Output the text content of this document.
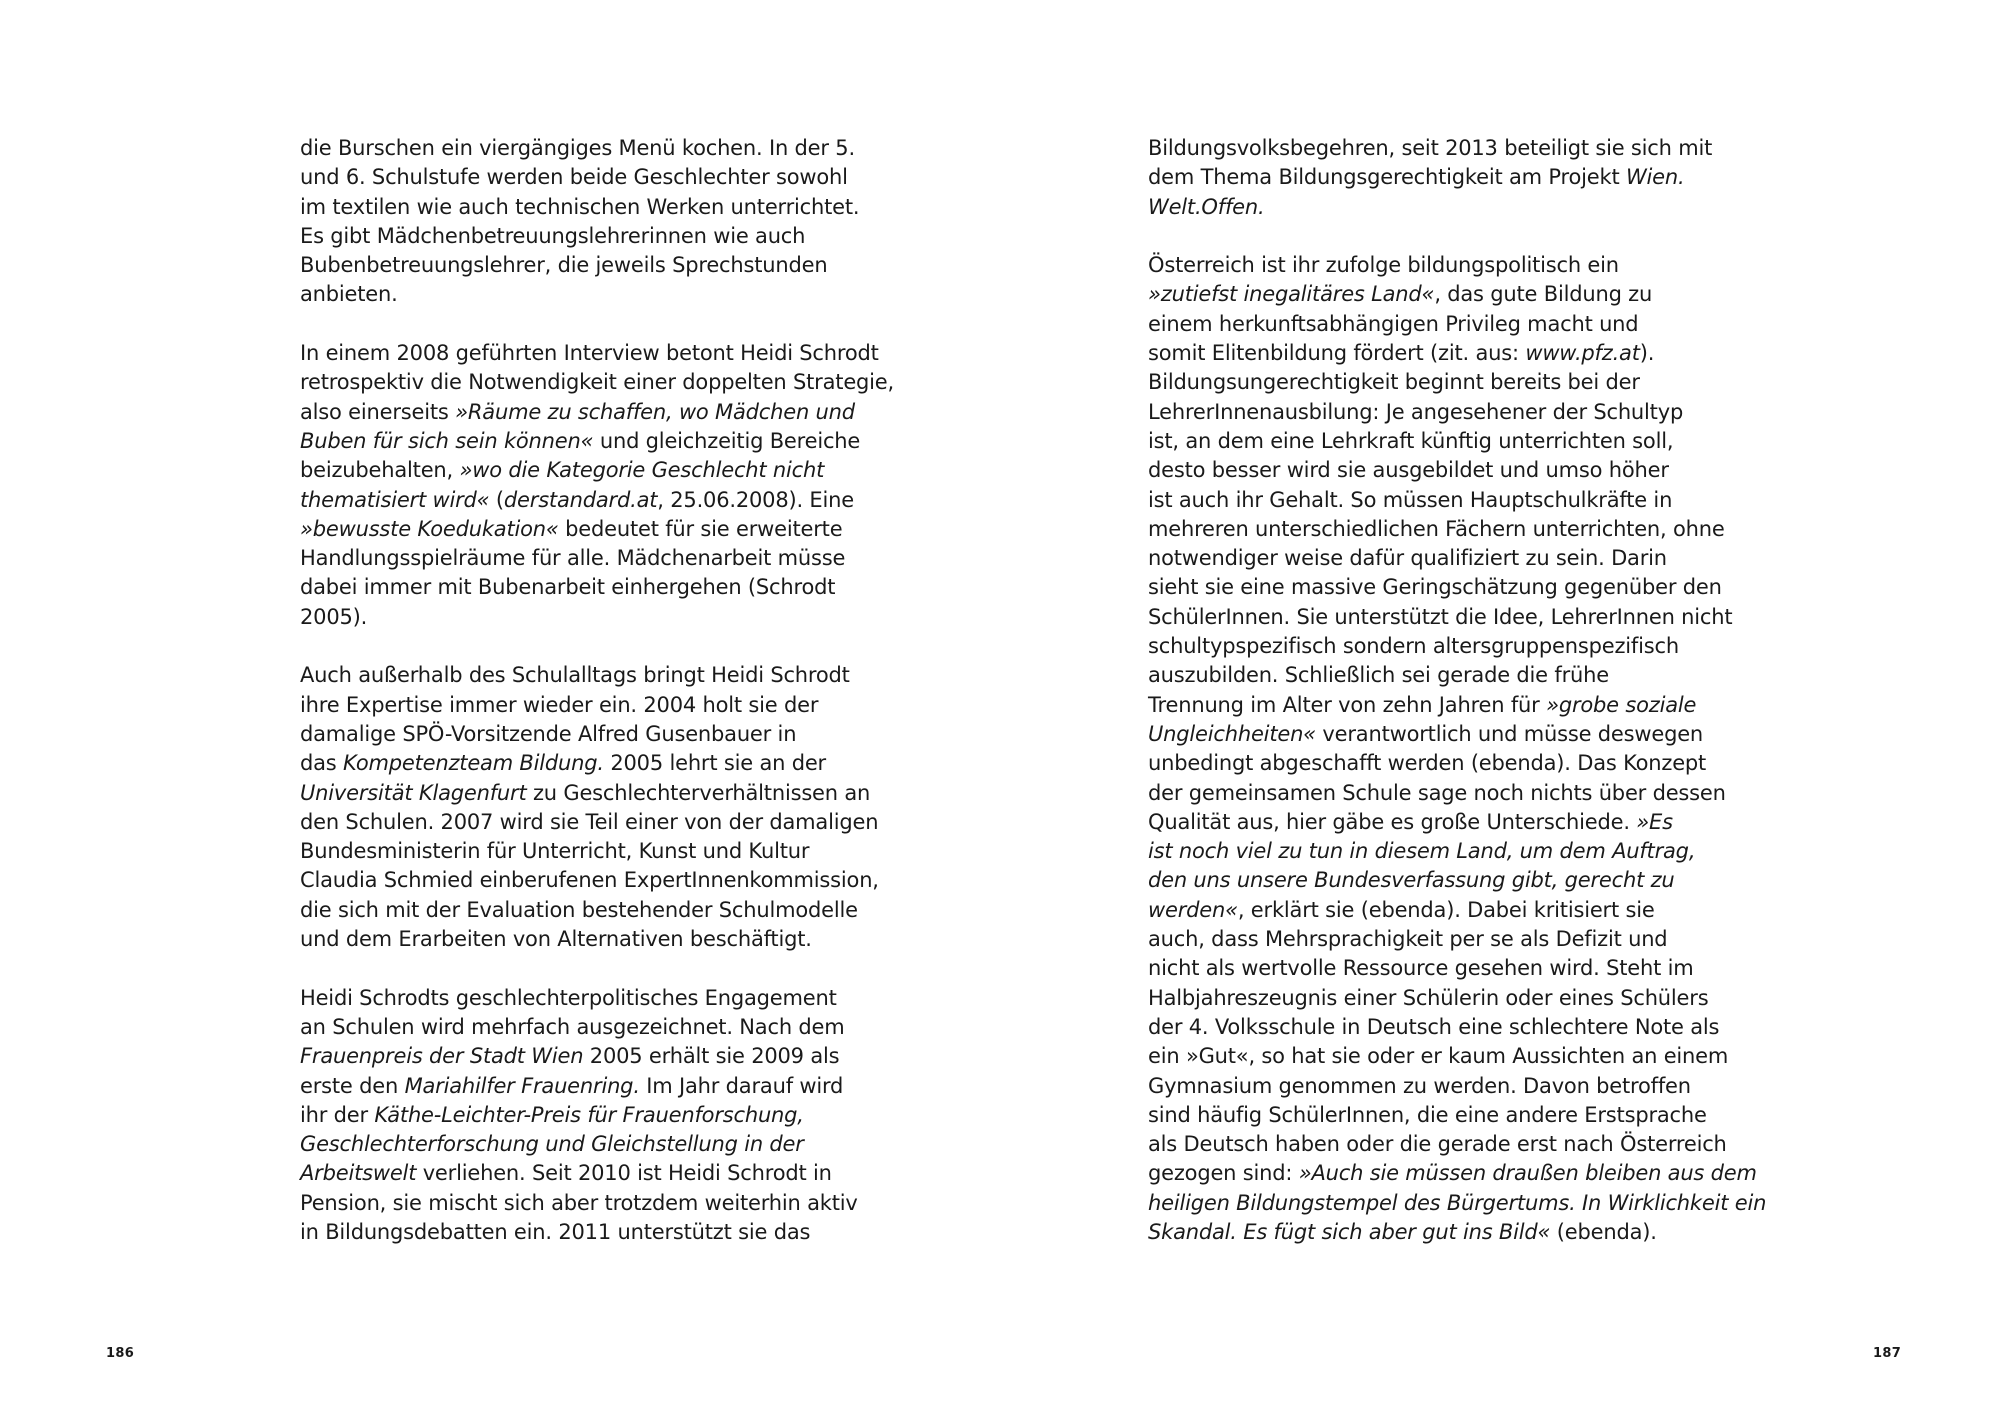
die Burschen ein viergängiges Menü kochen. In der 5.
und 6. Schulstufe werden beide Geschlechter sowohl
im textilen wie auch technischen Werken unterrichtet.
Es gibt Mädchenbetreuungslehrerinnen wie auch
Bubenbetreuungslehrer, die jeweils Sprechstunden
anbieten.
In einem 2008 geführten Interview betont Heidi Schrodt
retrospektiv die Notwendigkeit einer doppelten Strategie,
also einerseits »Räume zu schaffen, wo Mädchen und
Buben für sich sein können« und gleichzeitig Bereiche
beizubehalten, »wo die Kategorie Geschlecht nicht
thematisiert wird« (derstandard.at, 25.06.2008). Eine
»bewusste Koedukation« bedeutet für sie erweiterte
Handlungsspielräume für alle. Mädchenarbeit müsse
dabei immer mit Bubenarbeit einhergehen (Schrodt
2005).
Auch außerhalb des Schulalltags bringt Heidi Schrodt
ihre Expertise immer wieder ein. 2004 holt sie der
damalige SPÖ-Vorsitzende Alfred Gusenbauer in
das Kompetenzteam Bildung. 2005 lehrt sie an der
Universität Klagenfurt zu Geschlechterverhältnissen an
den Schulen. 2007 wird sie Teil einer von der damaligen
Bundesministerin für Unterricht, Kunst und Kultur
Claudia Schmied einberufenen ExpertInnenkommission,
die sich mit der Evaluation bestehender Schulmodelle
und dem Erarbeiten von Alternativen beschäftigt.
Heidi Schrodts geschlechterpolitisches Engagement
an Schulen wird mehrfach ausgezeichnet. Nach dem
Frauenpreis der Stadt Wien 2005 erhält sie 2009 als
erste den Mariahilfer Frauenring. Im Jahr darauf wird
ihr der Käthe-Leichter-Preis für Frauenforschung,
Geschlechterforschung und Gleichstellung in der
Arbeitswelt verliehen. Seit 2010 ist Heidi Schrodt in
Pension, sie mischt sich aber trotzdem weiterhin aktiv
in Bildungsdebatten ein. 2011 unterstützt sie das
186
Bildungsvolksbegehren, seit 2013 beteiligt sie sich mit
dem Thema Bildungsgerechtigkeit am Projekt Wien.
Welt.Offen.
Österreich ist ihr zufolge bildungspolitisch ein
»zutiefst inegalitäres Land«, das gute Bildung zu
einem herkunftsabhängigen Privileg macht und
somit Elitenbildung fördert (zit. aus: www.pfz.at).
Bildungsungerechtigkeit beginnt bereits bei der
LehrerInnenausbilung: Je angesehener der Schultyp
ist, an dem eine Lehrkraft künftig unterrichten soll,
desto besser wird sie ausgebildet und umso höher
ist auch ihr Gehalt. So müssen Hauptschulkräfte in
mehreren unterschiedlichen Fächern unterrichten, ohne
notwendiger weise dafür qualifiziert zu sein. Darin
sieht sie eine massive Geringschätzung gegenüber den
SchülerInnen. Sie unterstützt die Idee, LehrerInnen nicht
schultypspezifisch sondern altersgruppenspezifisch
auszubilden. Schließlich sei gerade die frühe
Trennung im Alter von zehn Jahren für »grobe soziale
Ungleichheiten« verantwortlich und müsse deswegen
unbedingt abgeschafft werden (ebenda). Das Konzept
der gemeinsamen Schule sage noch nichts über dessen
Qualität aus, hier gäbe es große Unterschiede. »Es
ist noch viel zu tun in diesem Land, um dem Auftrag,
den uns unsere Bundesverfassung gibt, gerecht zu
werden«, erklärt sie (ebenda). Dabei kritisiert sie
auch, dass Mehrsprachigkeit per se als Defizit und
nicht als wertvolle Ressource gesehen wird. Steht im
Halbjahreszeugnis einer Schülerin oder eines Schülers
der 4. Volksschule in Deutsch eine schlechtere Note als
ein »Gut«, so hat sie oder er kaum Aussichten an einem
Gymnasium genommen zu werden. Davon betroffen
sind häufig SchülerInnen, die eine andere Erstsprache
als Deutsch haben oder die gerade erst nach Österreich
gezogen sind: »Auch sie müssen draußen bleiben aus dem
heiligen Bildungstempel des Bürgertums. In Wirklichkeit ein
Skandal. Es fügt sich aber gut ins Bild« (ebenda).
187
